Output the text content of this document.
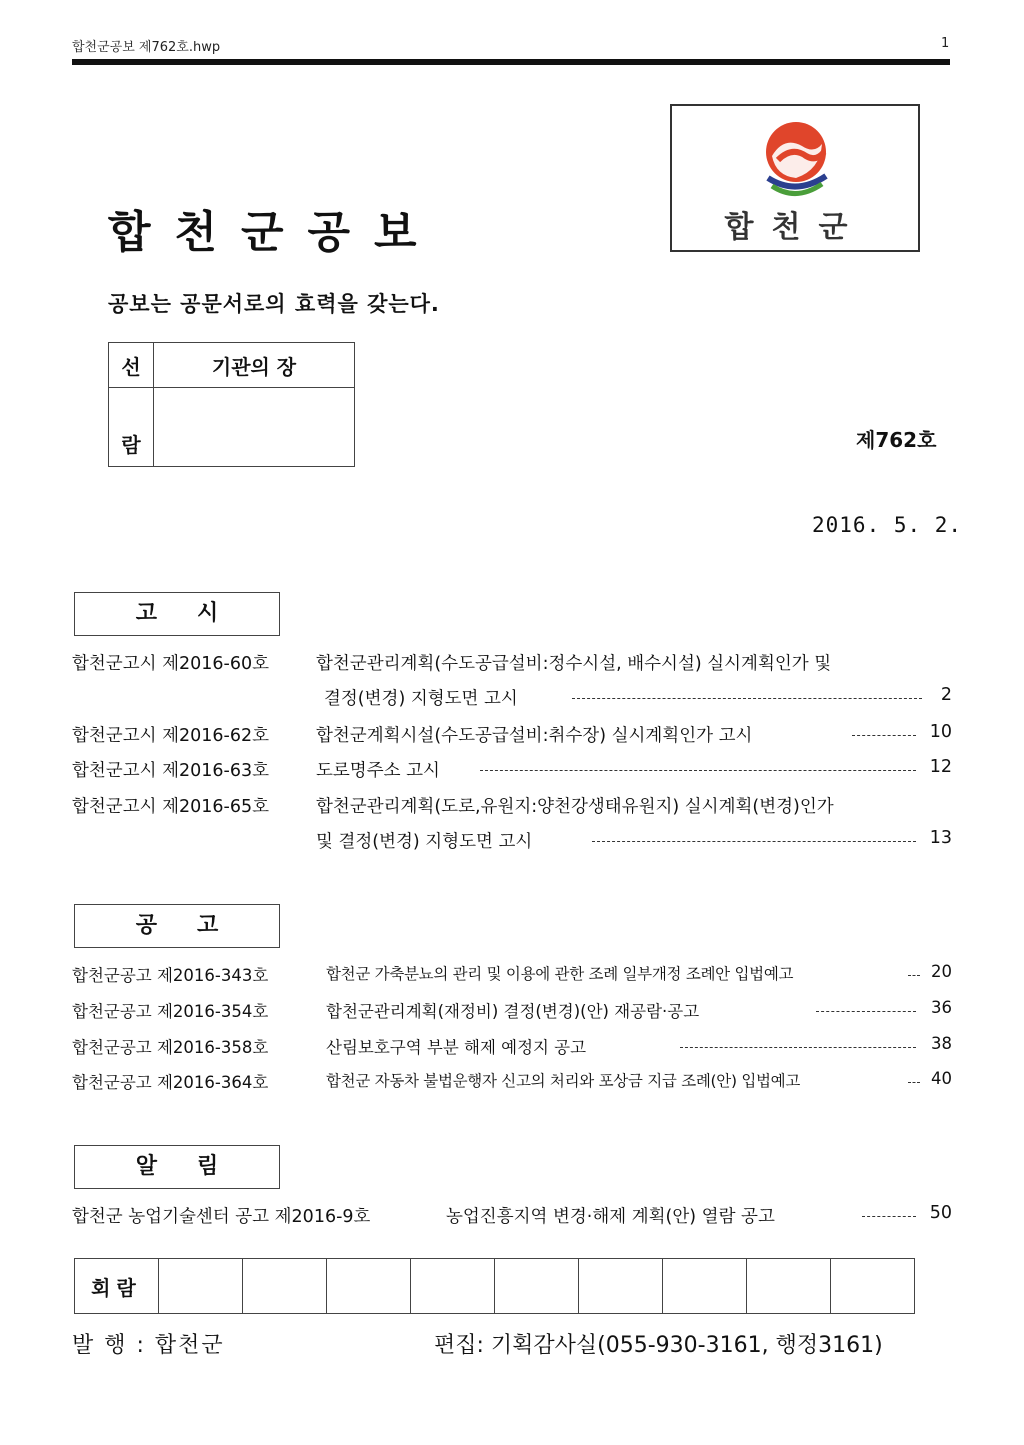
합천군공보 제762호.hwp	1
합천군공보
공보는 공문서로의 효력을 갖는다.
합천군
선	기관의 장
람		제762호
2016. 5. 2.
고시
합천군고시 제2016-60호	합천군관리계획(수도공급설비:정수시설, 배수시설) 실시계획인가 및
결정(변경) 지형도면 고시	2
합천군고시 제2016-62호	합천군계획시설(수도공급설비:취수장) 실시계획인가 고시	10
합천군고시 제2016-63호	도로명주소 고시	12
합천군고시 제2016-65호	합천군관리계획(도로,유원지:양천강생태유원지) 실시계획(변경)인가
및 결정(변경) 지형도면 고시	13
공고
합천군공고 제2016-343호	합천군 가축분뇨의 관리 및 이용에 관한 조례 일부개정 조례안 입법예고	20
합천군공고 제2016-354호	합천군관리계획(재정비) 결정(변경)(안) 재공람·공고	36
합천군공고 제2016-358호	산림보호구역 부분 해제 예정지 공고	38
합천군공고 제2016-364호	합천군 자동차 불법운행자 신고의 처리와 포상금 지급 조례(안) 입법예고	40
알림
합천군 농업기술센터 공고 제2016-9호	농업진흥지역 변경·해제 계획(안) 열람 공고	50
회람									
발 행 : 합천군	편집: 기획감사실(055-930-3161, 행정3161)
